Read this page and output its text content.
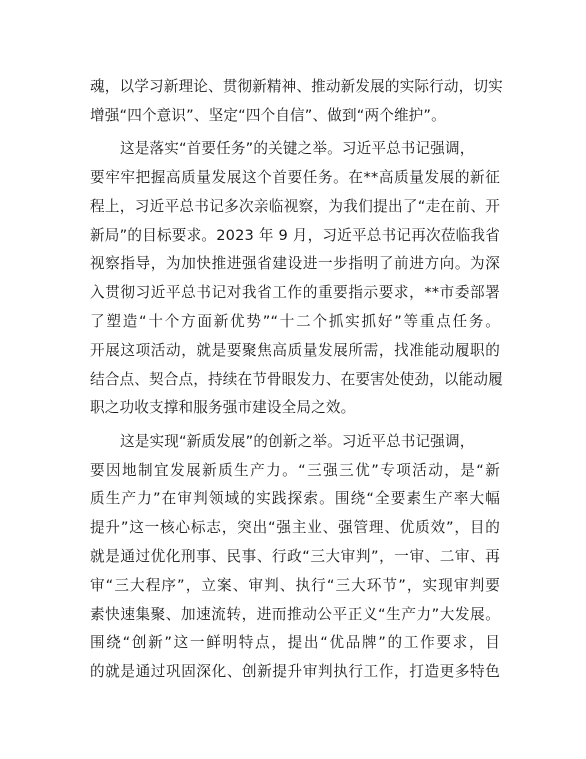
魂，以学习新理论、贯彻新精神、推动新发展的实际行动，切实
增强“四个意识”、坚定“四个自信”、做到“两个维护”。
这是落实“首要任务”的关键之举。习近平总书记强调，
要牢牢把握高质量发展这个首要任务。在**高质量发展的新征
程上，习近平总书记多次亲临视察，为我们提出了“走在前、开
新局”的目标要求。2023 年 9 月，习近平总书记再次莅临我省
视察指导，为加快推进强省建设进一步指明了前进方向。为深
入贯彻习近平总书记对我省工作的重要指示要求，**市委部署
了塑造“十个方面新优势”“十二个抓实抓好”等重点任务。
开展这项活动，就是要聚焦高质量发展所需，找准能动履职的
结合点、契合点，持续在节骨眼发力、在要害处使劲，以能动履
职之功收支撑和服务强市建设全局之效。
这是实现“新质发展”的创新之举。习近平总书记强调，
要因地制宜发展新质生产力。“三强三优”专项活动，是“新
质生产力”在审判领域的实践探索。围绕“全要素生产率大幅
提升”这一核心标志，突出“强主业、强管理、优质效”，目的
就是通过优化刑事、民事、行政“三大审判”，一审、二审、再
审“三大程序”，立案、审判、执行“三大环节”，实现审判要
素快速集聚、加速流转，进而推动公平正义“生产力”大发展。
围绕“创新”这一鲜明特点，提出“优品牌”的工作要求，目
的就是通过巩固深化、创新提升审判执行工作，打造更多特色
